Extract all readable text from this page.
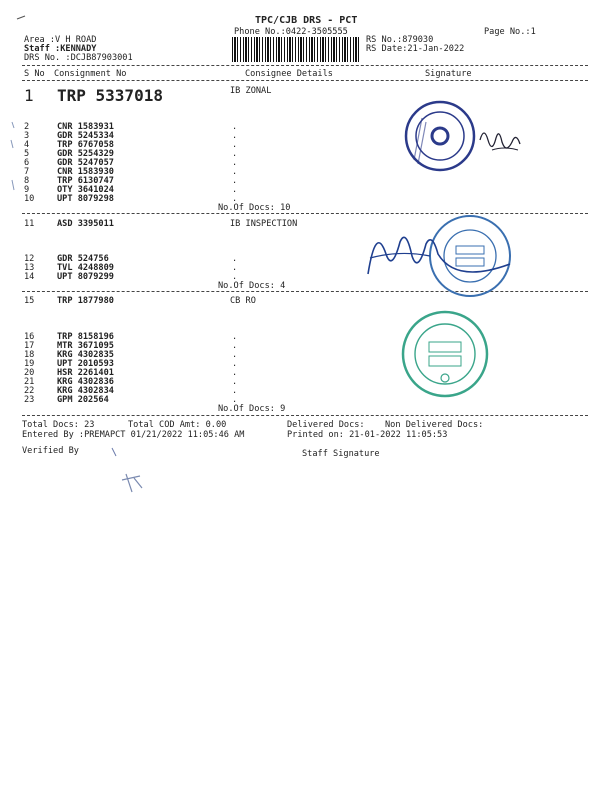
TPC/CJB DRS - PCT
Phone No.:0422-3505555	Page No.:1
Area :V H ROAD
Staff :KENNADY
DRS No. :DCJB87903001
RS No.:879030
RS Date:21-Jan-2022
S No Consignment No	Consignee Details	Signature
1 TRP 5337018	IB ZONAL
2	CNR 1583931	.
3	GDR 5245334	.
4	TRP 6767058	.
5	GDR 5254329	.
6	GDR 5247057	.
7	CNR 1583930	.
8	TRP 6130747	.
9	OTY 3641024	.
10	UPT 8079298	.
No.Of Docs: 10
11	ASD 3395011	IB INSPECTION
12	GDR 524756	.
13	TVL 4248809	.
14	UPT 8079299	.
No.Of Docs: 4
15	TRP 1877980	CB RO
16	TRP 8158196	.
17	MTR 3671095	.
18	KRG 4302835	.
19	UPT 2010593	.
20	HSR 2261401	.
21	KRG 4302836	.
22	KRG 4302834	.
23	GPM 202564	.
No.Of Docs: 9
Total Docs: 23	Total COD Amt: 0.00	Delivered Docs: Non Delivered Docs:
Entered By :PREMAPCT 01/21/2022 11:05:46 AM	Printed on: 21-01-2022 11:05:53
Verified By	Staff Signature
